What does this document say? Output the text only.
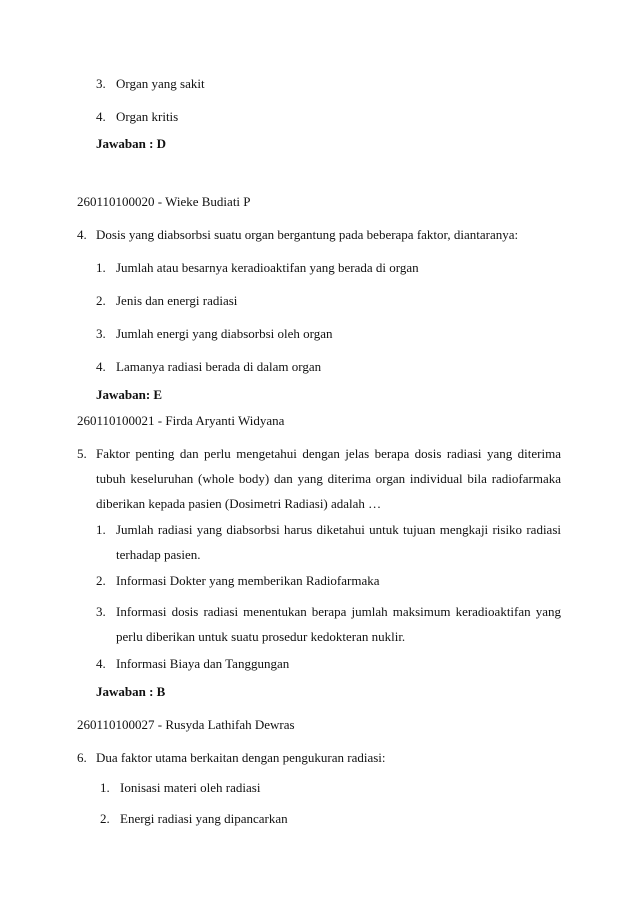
3. Organ yang sakit
4. Organ kritis
Jawaban : D
260110100020 - Wieke Budiati P
4. Dosis yang diabsorbsi suatu organ bergantung pada beberapa faktor, diantaranya:
1. Jumlah atau besarnya keradioaktifan yang berada di organ
2. Jenis dan energi radiasi
3. Jumlah energi yang diabsorbsi oleh organ
4. Lamanya radiasi berada di dalam organ
Jawaban: E
260110100021 - Firda Aryanti Widyana
5. Faktor penting dan perlu mengetahui dengan jelas berapa dosis radiasi yang diterima
tubuh keseluruhan (whole body) dan yang diterima organ individual bila radiofarmaka
diberikan kepada pasien (Dosimetri Radiasi) adalah …
1. Jumlah radiasi yang diabsorbsi harus diketahui untuk tujuan mengkaji risiko radiasi
terhadap pasien.
2. Informasi Dokter yang memberikan Radiofarmaka
3. Informasi dosis radiasi menentukan berapa jumlah maksimum keradioaktifan yang
perlu diberikan untuk suatu prosedur kedokteran nuklir.
4. Informasi Biaya dan Tanggungan
Jawaban : B
260110100027 - Rusyda Lathifah Dewras
6. Dua faktor utama berkaitan dengan pengukuran radiasi:
1. Ionisasi materi oleh radiasi
2. Energi radiasi yang dipancarkan
